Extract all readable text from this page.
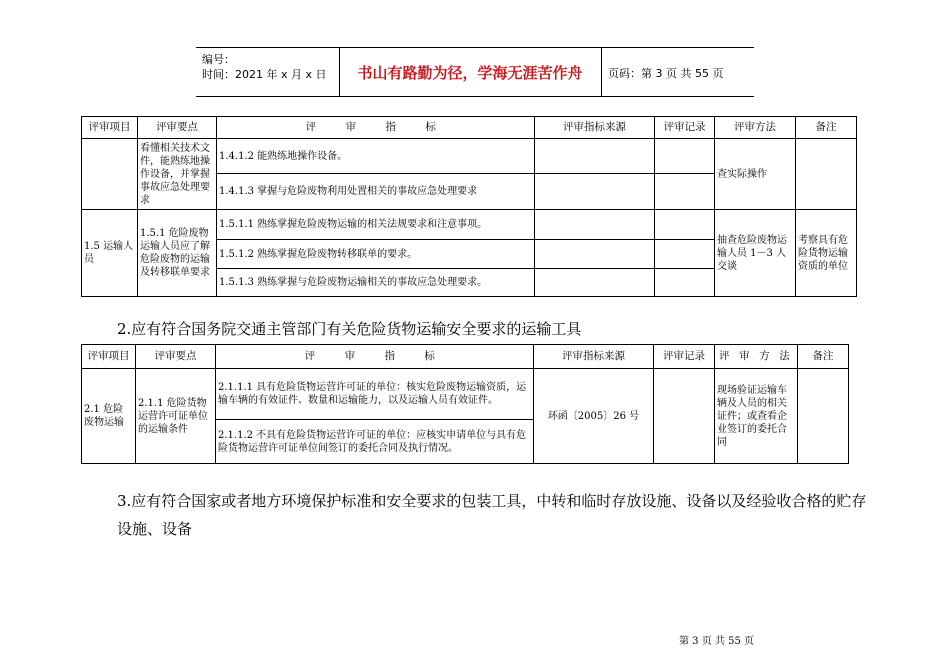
编号：
时间：2021 年 x 月 x 日	书山有路勤为径，学海无涯苦作舟	页码：第 3 页 共 55 页
评审项目	评审要点	评　审　指　标	评审指标来源	评审记录	评审方法	备注
	看懂相关技术文件，能熟练地操作设备，并掌握事故应急处理要求	1.4.1.2 能熟练地操作设备。			查实际操作	
		1.4.1.3 掌握与危险废物利用处置相关的事故应急处理要求				
1.5 运输人员	1.5.1 危险废物运输人员应了解危险废物的运输及转移联单要求	1.5.1.1 熟练掌握危险废物运输的相关法规要求和注意事项。			抽查危险废物运输人员 1－3 人交谈	考察具有危险货物运输资质的单位
		1.5.1.2 熟练掌握危险废物转移联单的要求。				
		1.5.1.3 熟练掌握与危险废物运输相关的事故应急处理要求。				
2.应有符合国务院交通主管部门有关危险货物运输安全要求的运输工具
评审项目	评审要点	评　审　指　标	评审指标来源	评审记录	评 审 方 法	备注
2.1 危险废物运输	2.1.1 危险货物运营许可证单位的运输条件	2.1.1.1 具有危险货物运营许可证的单位：核实危险废物运输资质，运输车辆的有效证件、数量和运输能力，以及运输人员有效证件。	环函〔2005〕26 号		现场验证运输车辆及人员的相关证件；或查看企业签订的委托合同	
		2.1.1.2 不具有危险货物运营许可证的单位：应核实申请单位与具有危险货物运营许可证单位间签订的委托合同及执行情况。				
3.应有符合国家或者地方环境保护标准和安全要求的包装工具，中转和临时存放设施、设备以及经验收合格的贮存设施、设备
第 3 页 共 55 页
